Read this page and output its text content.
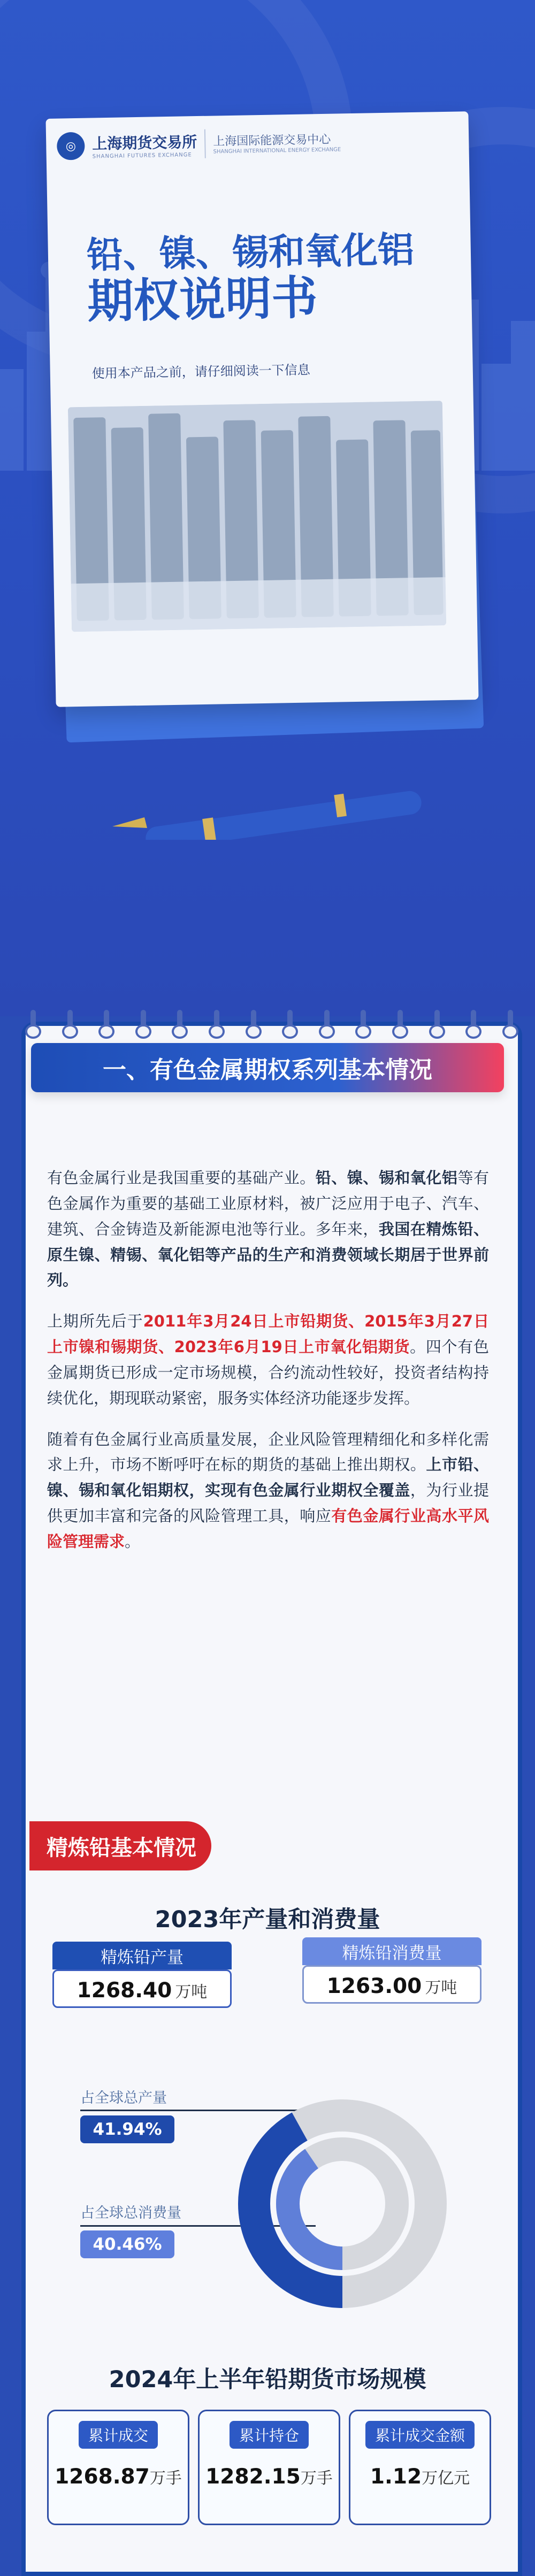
◎	上海期货交易所
SHANGHAI FUTURES EXCHANGE
上海国际能源交易中心
SHANGHAI INTERNATIONAL ENERGY EXCHANGE
铅、镍、锡和氧化铝
期权说明书
使用本产品之前，请仔细阅读一下信息
一、有色金属期权系列基本情况

有色金属行业是我国重要的基础产业。铅、镍、锡和氧化铝等有色金属作为重要的基础工业原材料，被广泛应用于电子、汽车、建筑、合金铸造及新能源电池等行业。多年来，我国在精炼铅、原生镍、精锡、氧化铝等产品的生产和消费领域长期居于世界前列。

上期所先后于2011年3月24日上市铅期货、2015年3月27日上市镍和锡期货、2023年6月19日上市氧化铝期货。四个有色金属期货已形成一定市场规模，合约流动性较好，投资者结构持续优化，期现联动紧密，服务实体经济功能逐步发挥。

随着有色金属行业高质量发展，企业风险管理精细化和多样化需求上升，市场不断呼吁在标的期货的基础上推出期权。上市铅、镍、锡和氧化铝期权，实现有色金属行业期权全覆盖，为行业提供更加丰富和完备的风险管理工具，响应有色金属行业高水平风险管理需求。

精炼铅基本情况
2023年产量和消费量
精炼铅产量
1268.40 万吨
精炼铅消费量
1263.00 万吨
占全球总产量
41.94%
占全球总消费量
40.46%
2024年上半年铅期货市场规模
累计成交
1268.87万手
累计持仓
1282.15万手
累计成交金额
1.12万亿元
